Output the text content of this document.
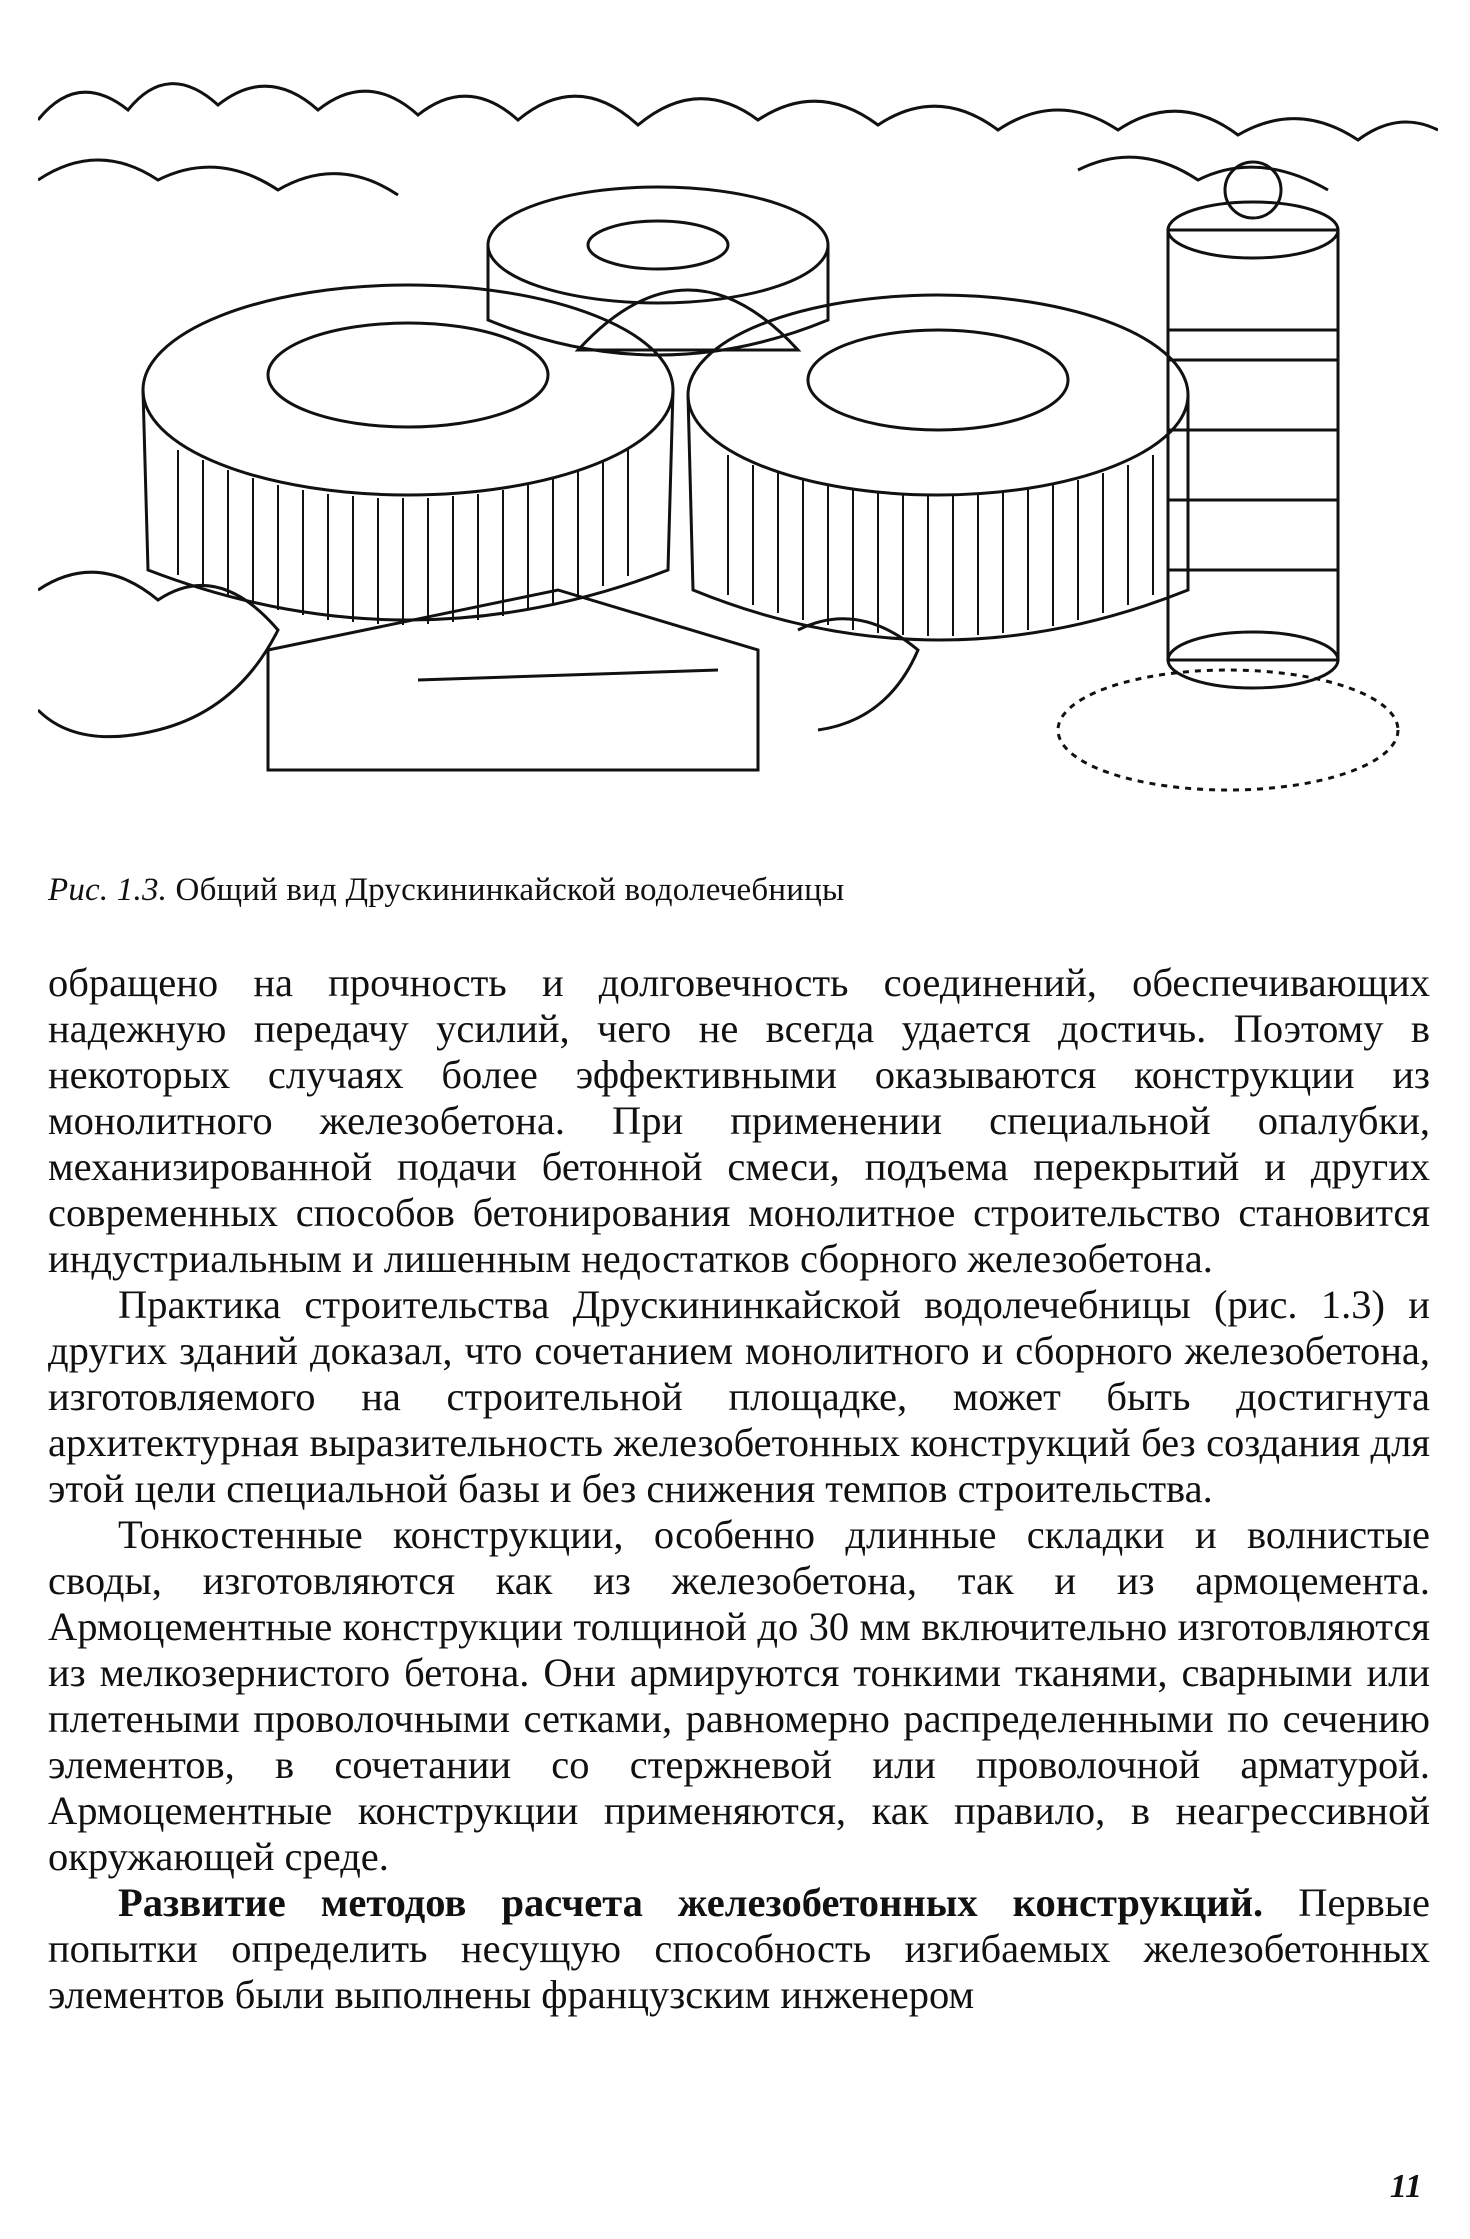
Рис. 1.3. Общий вид Друскининкайской водолечебницы

обращено на прочность и долговечность соединений, обеспечивающих надежную передачу усилий, чего не всегда удается достичь. Поэтому в некоторых случаях более эффективными оказываются конструкции из монолитного железобетона. При применении специальной опалубки, механизированной подачи бетонной смеси, подъема перекрытий и других современных способов бетонирования монолитное строительство становится индустриальным и лишенным недостатков сборного железобетона.

Практика строительства Друскининкайской водолечебницы (рис. 1.3) и других зданий доказал, что сочетанием монолитного и сборного железобетона, изготовляемого на строительной площадке, может быть достигнута архитектурная выразительность железобетонных конструкций без создания для этой цели специальной базы и без снижения темпов строительства.

Тонкостенные конструкции, особенно длинные складки и волнистые своды, изготовляются как из железобетона, так и из армоцемента. Армоцементные конструкции толщиной до 30 мм включительно изготовляются из мелкозернистого бетона. Они армируются тонкими тканями, сварными или плетеными проволочными сетками, равномерно распределенными по сечению элементов, в сочетании со стержневой или проволочной арматурой. Армоцементные конструкции применяются, как правило, в неагрессивной окружающей среде.

Развитие методов расчета железобетонных конструкций. Первые попытки определить несущую способность изгибаемых железобетонных элементов были выполнены французским инженером

11
